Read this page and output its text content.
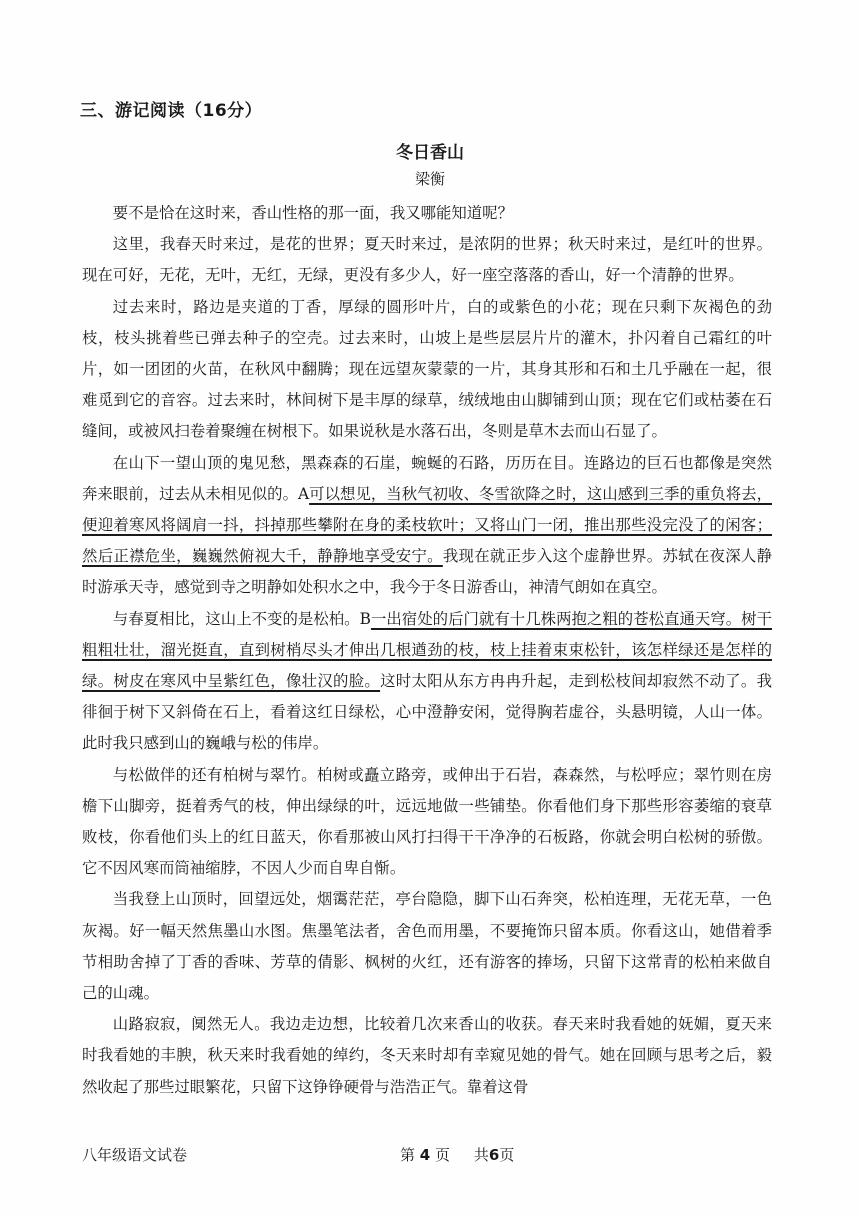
三、游记阅读（16分）
冬日香山
梁衡

要不是恰在这时来，香山性格的那一面，我又哪能知道呢？

这里，我春天时来过，是花的世界；夏天时来过，是浓阴的世界；秋天时来过，是红叶的世界。现在可好，无花，无叶，无红，无绿，更没有多少人，好一座空落落的香山，好一个清静的世界。

过去来时，路边是夹道的丁香，厚绿的圆形叶片，白的或紫色的小花；现在只剩下灰褐色的劲枝，枝头挑着些已弹去种子的空壳。过去来时，山坡上是些层层片片的灌木，扑闪着自己霜红的叶片，如一团团的火苗，在秋风中翻腾；现在远望灰蒙蒙的一片，其身其形和石和土几乎融在一起，很难觅到它的音容。过去来时，林间树下是丰厚的绿草，绒绒地由山脚铺到山顶；现在它们或枯萎在石缝间，或被风扫卷着聚缠在树根下。如果说秋是水落石出，冬则是草木去而山石显了。

在山下一望山顶的鬼见愁，黑森森的石崖，蜿蜒的石路，历历在目。连路边的巨石也都像是突然奔来眼前，过去从未相见似的。A可以想见，当秋气初收、冬雪欲降之时，这山感到三季的重负将去，便迎着寒风将阔肩一抖，抖掉那些攀附在身的柔枝软叶；又将山门一闭，推出那些没完没了的闲客；然后正襟危坐，巍巍然俯视大千，静静地享受安宁。我现在就正步入这个虚静世界。苏轼在夜深人静时游承天寺，感觉到寺之明静如处积水之中，我今于冬日游香山，神清气朗如在真空。

与春夏相比，这山上不变的是松柏。B一出宿处的后门就有十几株两抱之粗的苍松直通天穹。树干粗粗壮壮，溜光挺直，直到树梢尽头才伸出几根遒劲的枝，枝上挂着束束松针，该怎样绿还是怎样的绿。树皮在寒风中呈紫红色，像壮汉的脸。这时太阳从东方冉冉升起，走到松枝间却寂然不动了。我徘徊于树下又斜倚在石上，看着这红日绿松，心中澄静安闲，觉得胸若虚谷，头悬明镜，人山一体。此时我只感到山的巍峨与松的伟岸。

与松做伴的还有柏树与翠竹。柏树或矗立路旁，或伸出于石岩，森森然，与松呼应；翠竹则在房檐下山脚旁，挺着秀气的枝，伸出绿绿的叶，远远地做一些铺垫。你看他们身下那些形容萎缩的衰草败枝，你看他们头上的红日蓝天，你看那被山风打扫得干干净净的石板路，你就会明白松树的骄傲。它不因风寒而筒袖缩脖，不因人少而自卑自惭。

当我登上山顶时，回望远处，烟霭茫茫，亭台隐隐，脚下山石奔突，松柏连理，无花无草，一色灰褐。好一幅天然焦墨山水图。焦墨笔法者，舍色而用墨，不要掩饰只留本质。你看这山，她借着季节相助舍掉了丁香的香味、芳草的倩影、枫树的火红，还有游客的捧场，只留下这常青的松柏来做自己的山魂。

山路寂寂，阒然无人。我边走边想，比较着几次来香山的收获。春天来时我看她的妩媚，夏天来时我看她的丰腴，秋天来时我看她的绰约，冬天来时却有幸窥见她的骨气。她在回顾与思考之后，毅然收起了那些过眼繁花，只留下这铮铮硬骨与浩浩正气。靠着这骨

八年级语文试卷	第 4 页 共6页
